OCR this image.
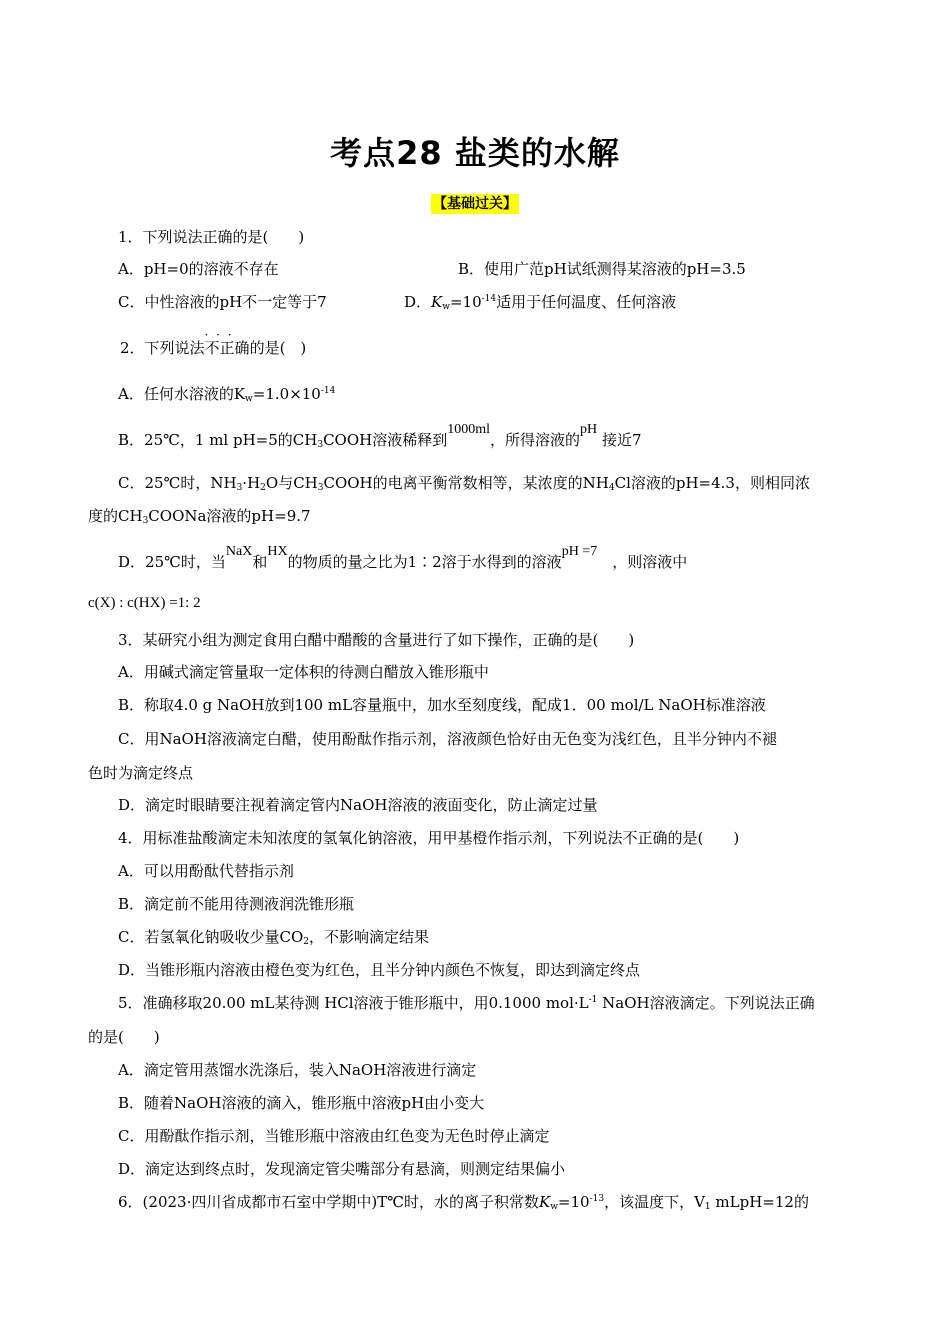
考点28 盐类的水解
【基础过关】
1．下列说法正确的是(　　)
A．pH=0的溶液不存在	B．使用广范pH试纸测得某溶液的pH=3.5
C．中性溶液的pH不一定等于7	D．$K_w=10^{-14}$适用于任何温度、任何溶液
2．下列说法· · · 不正确的是(　)
A．任何水溶液的$K_w=1.0\times 10^{-14}$
B．25℃，1 ml pH=5的$CH_3COOH$溶液稀释到1000ml，所得溶液的pH 接近7
C．25℃时，$NH_3\cdot H_2O$与$CH_3COOH$的电离平衡常数相等，某浓度的$NH_4Cl$溶液的pH=4.3，则相同浓
度的$CH_3COONa$溶液的pH=9.7
D．25℃时，当NaX和HX的物质的量之比为1∶2溶于水得到的溶液pH =7　，则溶液中
c(X) : c(HX) =1: 2
3．某研究小组为测定食用白醋中醋酸的含量进行了如下操作，正确的是(　　)
A．用碱式滴定管量取一定体积的待测白醋放入锥形瓶中
B．称取4.0 g NaOH放到100 mL容量瓶中，加水至刻度线，配成1．00 mol/L NaOH标准溶液
C．用NaOH溶液滴定白醋，使用酚酞作指示剂，溶液颜色恰好由无色变为浅红色，且半分钟内不褪
色时为滴定终点
D．滴定时眼睛要注视着滴定管内NaOH溶液的液面变化，防止滴定过量
4．用标准盐酸滴定未知浓度的氢氧化钠溶液，用甲基橙作指示剂，下列说法不正确的是(　　)
A．可以用酚酞代替指示剂
B．滴定前不能用待测液润洗锥形瓶
C．若氢氧化钠吸收少量$CO_2$，不影响滴定结果
D．当锥形瓶内溶液由橙色变为红色，且半分钟内颜色不恢复，即达到滴定终点
5．准确移取20.00 mL某待测 HCl溶液于锥形瓶中，用0.1000 $mol\cdot L^{-1}$ NaOH溶液滴定。下列说法正确
的是(　　)
A．滴定管用蒸馏水洗涤后，装入NaOH溶液进行滴定
B．随着NaOH溶液的滴入，锥形瓶中溶液pH由小变大
C．用酚酞作指示剂，当锥形瓶中溶液由红色变为无色时停止滴定
D．滴定达到终点时，发现滴定管尖嘴部分有悬滴，则测定结果偏小
6．(2023·四川省成都市石室中学期中)T℃时，水的离子积常数$K_w=10^{-13}$，该温度下，$V_1$ mLpH=12的
